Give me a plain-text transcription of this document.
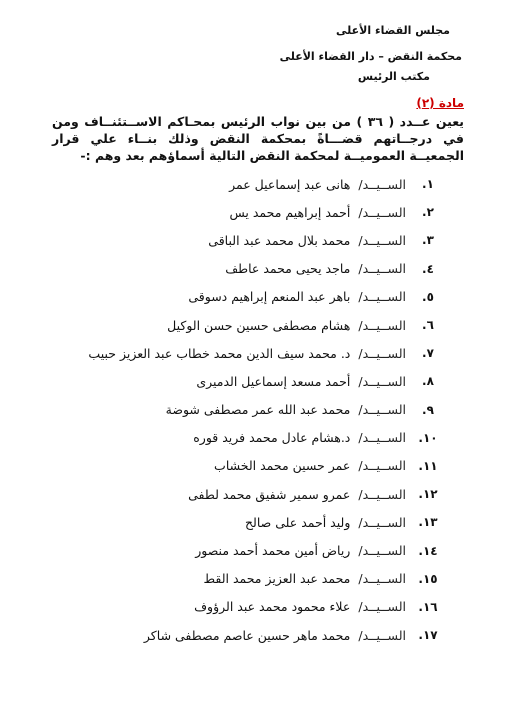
مجلس القضاء الأعلى
محكمة النقض – دار القضاء الأعلى
مكتب الرئيس
مادة (٢)
يعين عــدد ( ٣٦ ) من بين نواب الرئيس بمحـاكم الاســتئنــاف ومن في درجــاتهم قضـــاةً بمحكمة النقض وذلك بنــاء علي قرار الجمعيــة العموميــة لمحكمة النقض التالية أسماؤهم بعد وهم :-
١.
الســيــد/
هانى عبد إسماعيل عمر
٢.
الســيــد/
أحمد إبراهيم محمد يس
٣.
الســيــد/
محمد بلال محمد عبد الباقى
٤.
الســيــد/
ماجد يحيى محمد عاطف
٥.
الســيــد/
باهر عبد المنعم إبراهيم دسوقى
٦.
الســيــد/
هشام مصطفى حسين حسن الوكيل
٧.
الســيــد/
د. محمد سيف الدين محمد خطاب عبد العزيز حبيب
٨.
الســيــد/
أحمد مسعد إسماعيل الدميرى
٩.
الســيــد/
محمد عبد الله عمر مصطفى شوضة
١٠.
الســيــد/
د.هشام عادل محمد فريد قوره
١١.
الســيــد/
عمر حسين محمد الخشاب
١٢.
الســيــد/
عمرو سمير شفيق محمد لطفى
١٣.
الســيــد/
وليد أحمد على صالح
١٤.
الســيــد/
رياض أمين محمد أحمد منصور
١٥.
الســيــد/
محمد عبد العزيز محمد القط
١٦.
الســيــد/
علاء محمود محمد عبد الرؤوف
١٧.
الســيــد/
محمد ماهر حسين عاصم مصطفى شاكر
